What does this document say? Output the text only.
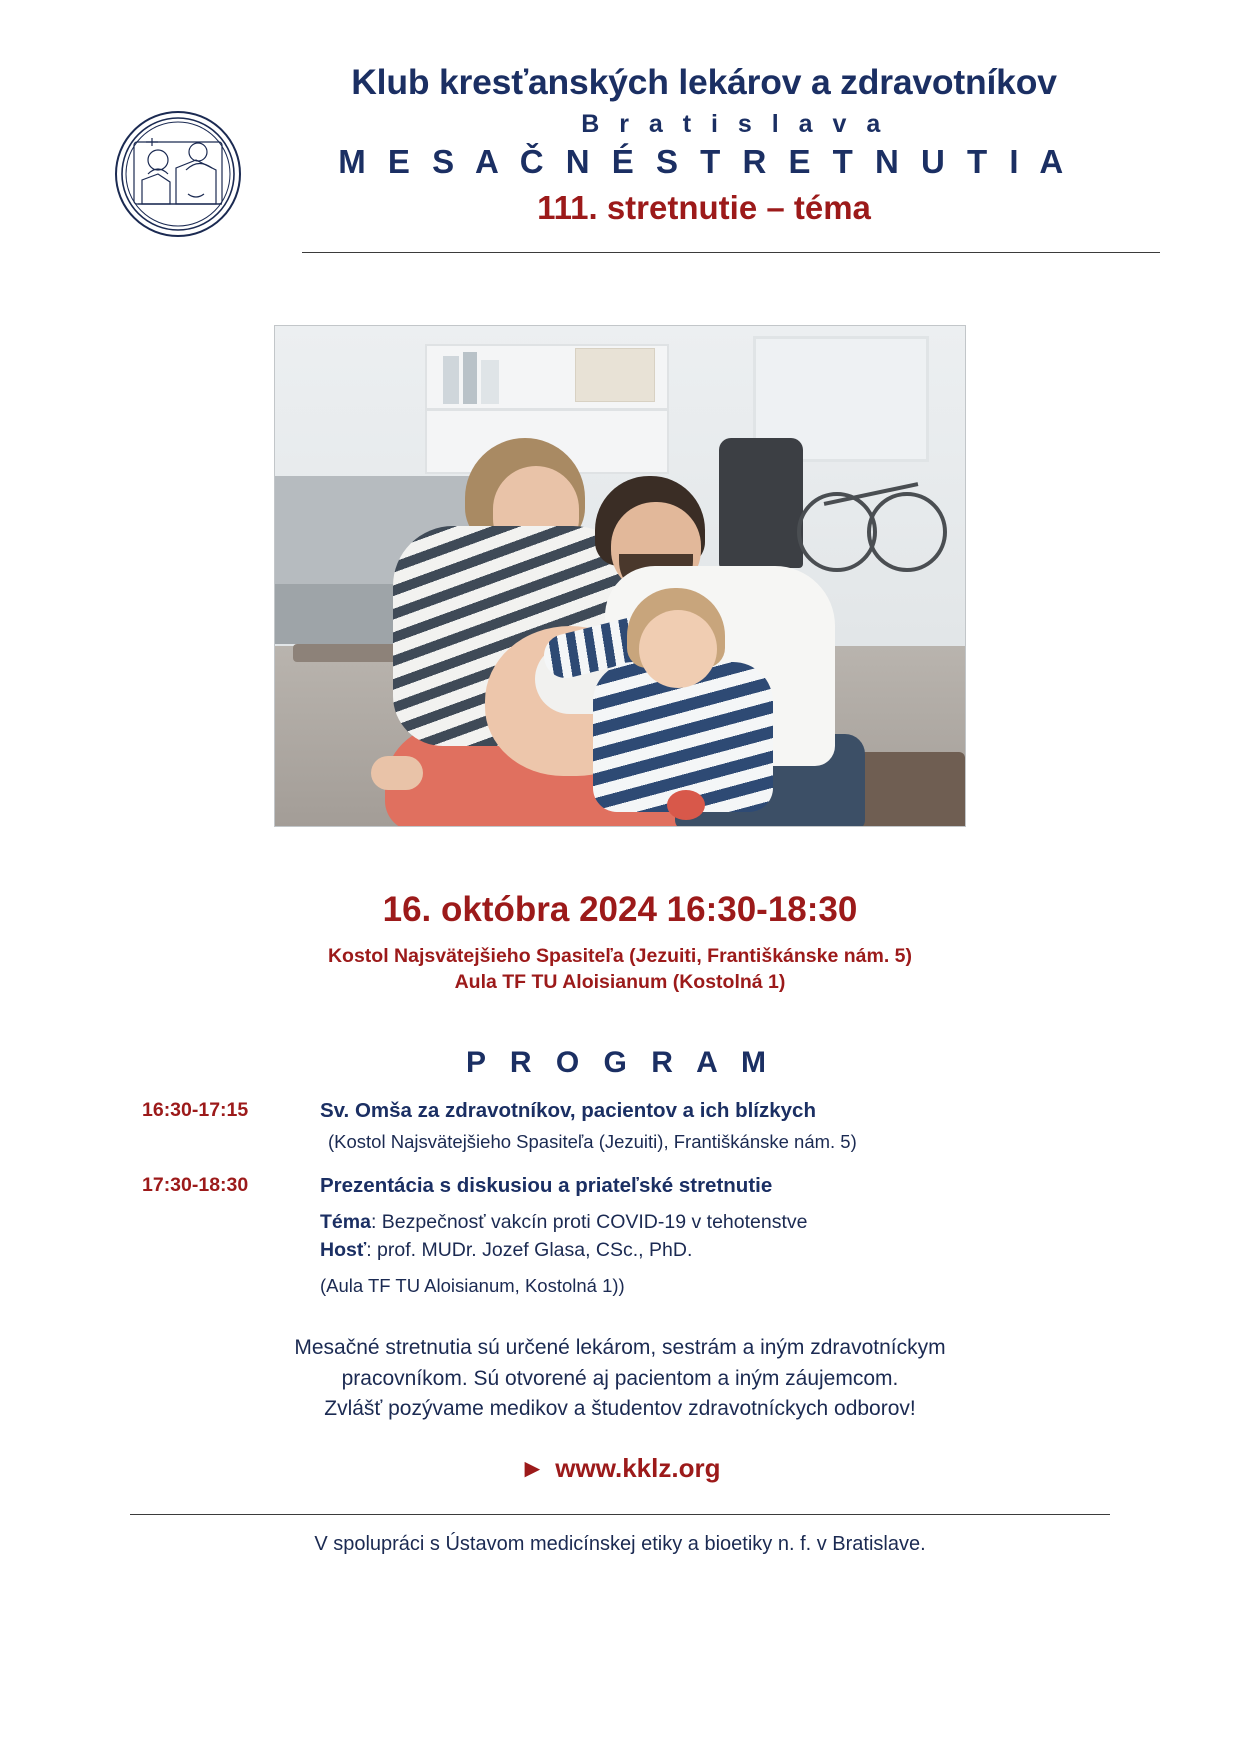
Klub kresťanských lekárov a zdravotníkov
B r a t i s l a v a
M E S A Č N É S T R E T N U T I A
111. stretnutie – téma
16. októbra 2024 16:30-18:30
Kostol Najsvätejšieho Spasiteľa (Jezuiti, Františkánske nám. 5)
Aula TF TU Aloisianum (Kostolná 1)
P R O G R A M
16:30-17:15	Sv. Omša za zdravotníkov, pacientov a ich blízkych
(Kostol Najsvätejšieho Spasiteľa (Jezuiti), Františkánske nám. 5)
17:30-18:30	Prezentácia s diskusiou a priateľské stretnutie
Téma: Bezpečnosť vakcín proti COVID-19 v tehotenstve
Hosť: prof. MUDr. Jozef Glasa, CSc., PhD.
(Aula TF TU Aloisianum, Kostolná 1))
Mesačné stretnutia sú určené lekárom, sestrám a iným zdravotníckym
pracovníkom. Sú otvorené aj pacientom a iným záujemcom.
Zvlášť pozývame medikov a študentov zdravotníckych odborov!
► www.kklz.org
V spolupráci s Ústavom medicínskej etiky a bioetiky n. f. v Bratislave.
